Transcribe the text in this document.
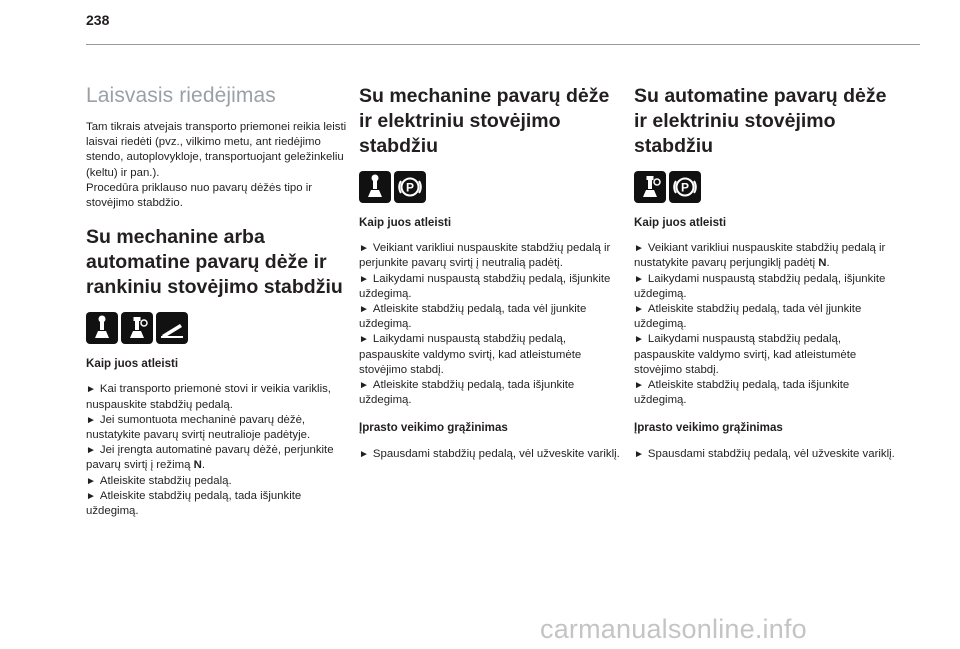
238
Laisvasis riedėjimas

Tam tikrais atvejais transporto priemonei reikia leisti laisvai riedėti (pvz., vilkimo metu, ant riedėjimo stendo, autoplovykloje, transportuojant geležinkeliu (keltu) ir pan.).

Procedūra priklauso nuo pavarų dėžės tipo ir stovėjimo stabdžio.

Su mechanine arba automatine pavarų dėže ir rankiniu stovėjimo stabdžiu

Kaip juos atleisti

► Kai transporto priemonė stovi ir veikia variklis, nuspauskite stabdžių pedalą.

► Jei sumontuota mechaninė pavarų dėžė, nustatykite pavarų svirtį neutralioje padėtyje.

► Jei įrengta automatinė pavarų dėžė, perjunkite pavarų svirtį į režimą N.

► Atleiskite stabdžių pedalą.

► Atleiskite stabdžių pedalą, tada išjunkite uždegimą.

Su mechanine pavarų dėže ir elektriniu stovėjimo stabdžiu
P

Kaip juos atleisti

► Veikiant varikliui nuspauskite stabdžių pedalą ir perjunkite pavarų svirtį į neutralią padėtį.

► Laikydami nuspaustą stabdžių pedalą, išjunkite uždegimą.

► Atleiskite stabdžių pedalą, tada vėl įjunkite uždegimą.

► Laikydami nuspaustą stabdžių pedalą, paspauskite valdymo svirtį, kad atleistumėte stovėjimo stabdį.

► Atleiskite stabdžių pedalą, tada išjunkite uždegimą.

Įprasto veikimo grąžinimas

► Spausdami stabdžių pedalą, vėl užveskite variklį.

Su automatine pavarų dėže ir elektriniu stovėjimo stabdžiu
P

Kaip juos atleisti

► Veikiant varikliui nuspauskite stabdžių pedalą ir nustatykite pavarų perjungiklį padėtį N.

► Laikydami nuspaustą stabdžių pedalą, išjunkite uždegimą.

► Atleiskite stabdžių pedalą, tada vėl įjunkite uždegimą.

► Laikydami nuspaustą stabdžių pedalą, paspauskite valdymo svirtį, kad atleistumėte stovėjimo stabdį.

► Atleiskite stabdžių pedalą, tada išjunkite uždegimą.

Įprasto veikimo grąžinimas

► Spausdami stabdžių pedalą, vėl užveskite variklį.

carmanualsonline.info
